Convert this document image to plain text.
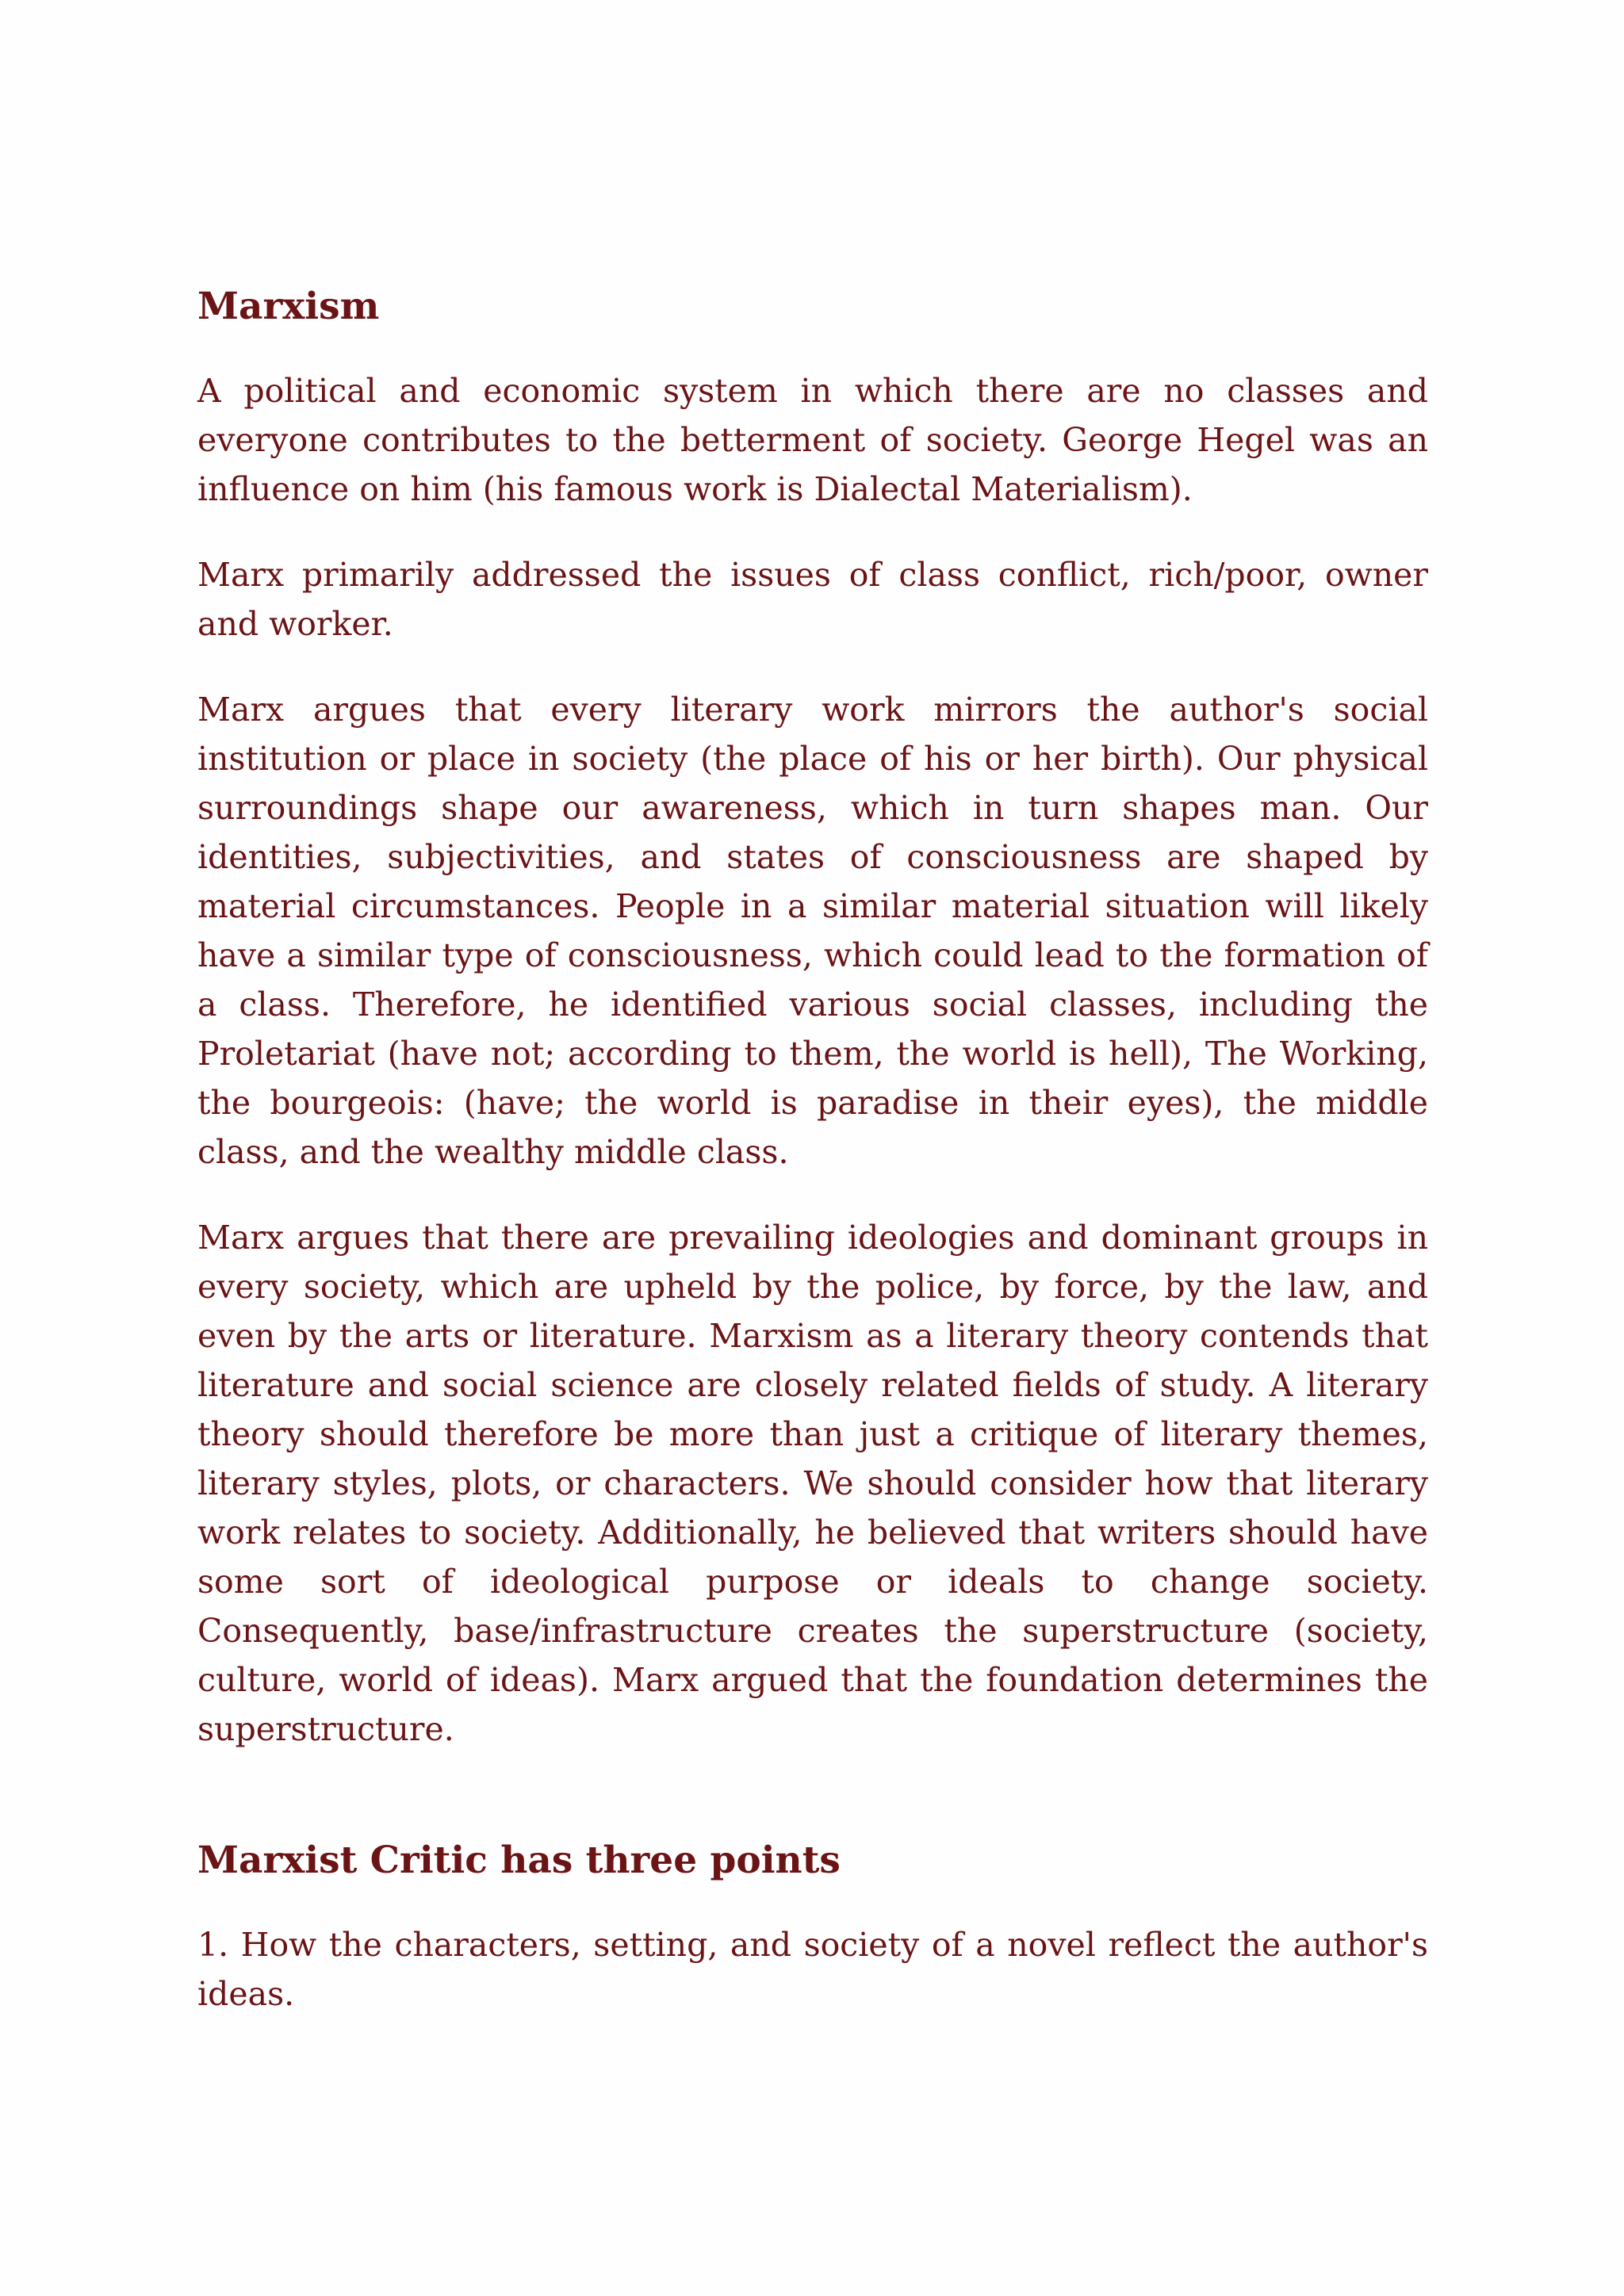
Marxism

A political and economic system in which there are no classes and everyone contributes to the betterment of society. George Hegel was an influence on him (his famous work is Dialectal Materialism).

Marx primarily addressed the issues of class conflict, rich/poor, owner and worker.

Marx argues that every literary work mirrors the author's social institution or place in society (the place of his or her birth). Our physical surroundings shape our awareness, which in turn shapes man. Our identities, subjectivities, and states of consciousness are shaped by material circumstances. People in a similar material situation will likely have a similar type of consciousness, which could lead to the formation of a class. Therefore, he identified various social classes, including the Proletariat (have not; according to them, the world is hell), The Working, the bourgeois: (have; the world is paradise in their eyes), the middle class, and the wealthy middle class.

Marx argues that there are prevailing ideologies and dominant groups in every society, which are upheld by the police, by force, by the law, and even by the arts or literature. Marxism as a literary theory contends that literature and social science are closely related fields of study. A literary theory should therefore be more than just a critique of literary themes, literary styles, plots, or characters. We should consider how that literary work relates to society. Additionally, he believed that writers should have some sort of ideological purpose or ideals to change society. Consequently, base/infrastructure creates the superstructure (society, culture, world of ideas). Marx argued that the foundation determines the superstructure.

Marxist Critic has three points

1. How the characters, setting, and society of a novel reflect the author's ideas.
